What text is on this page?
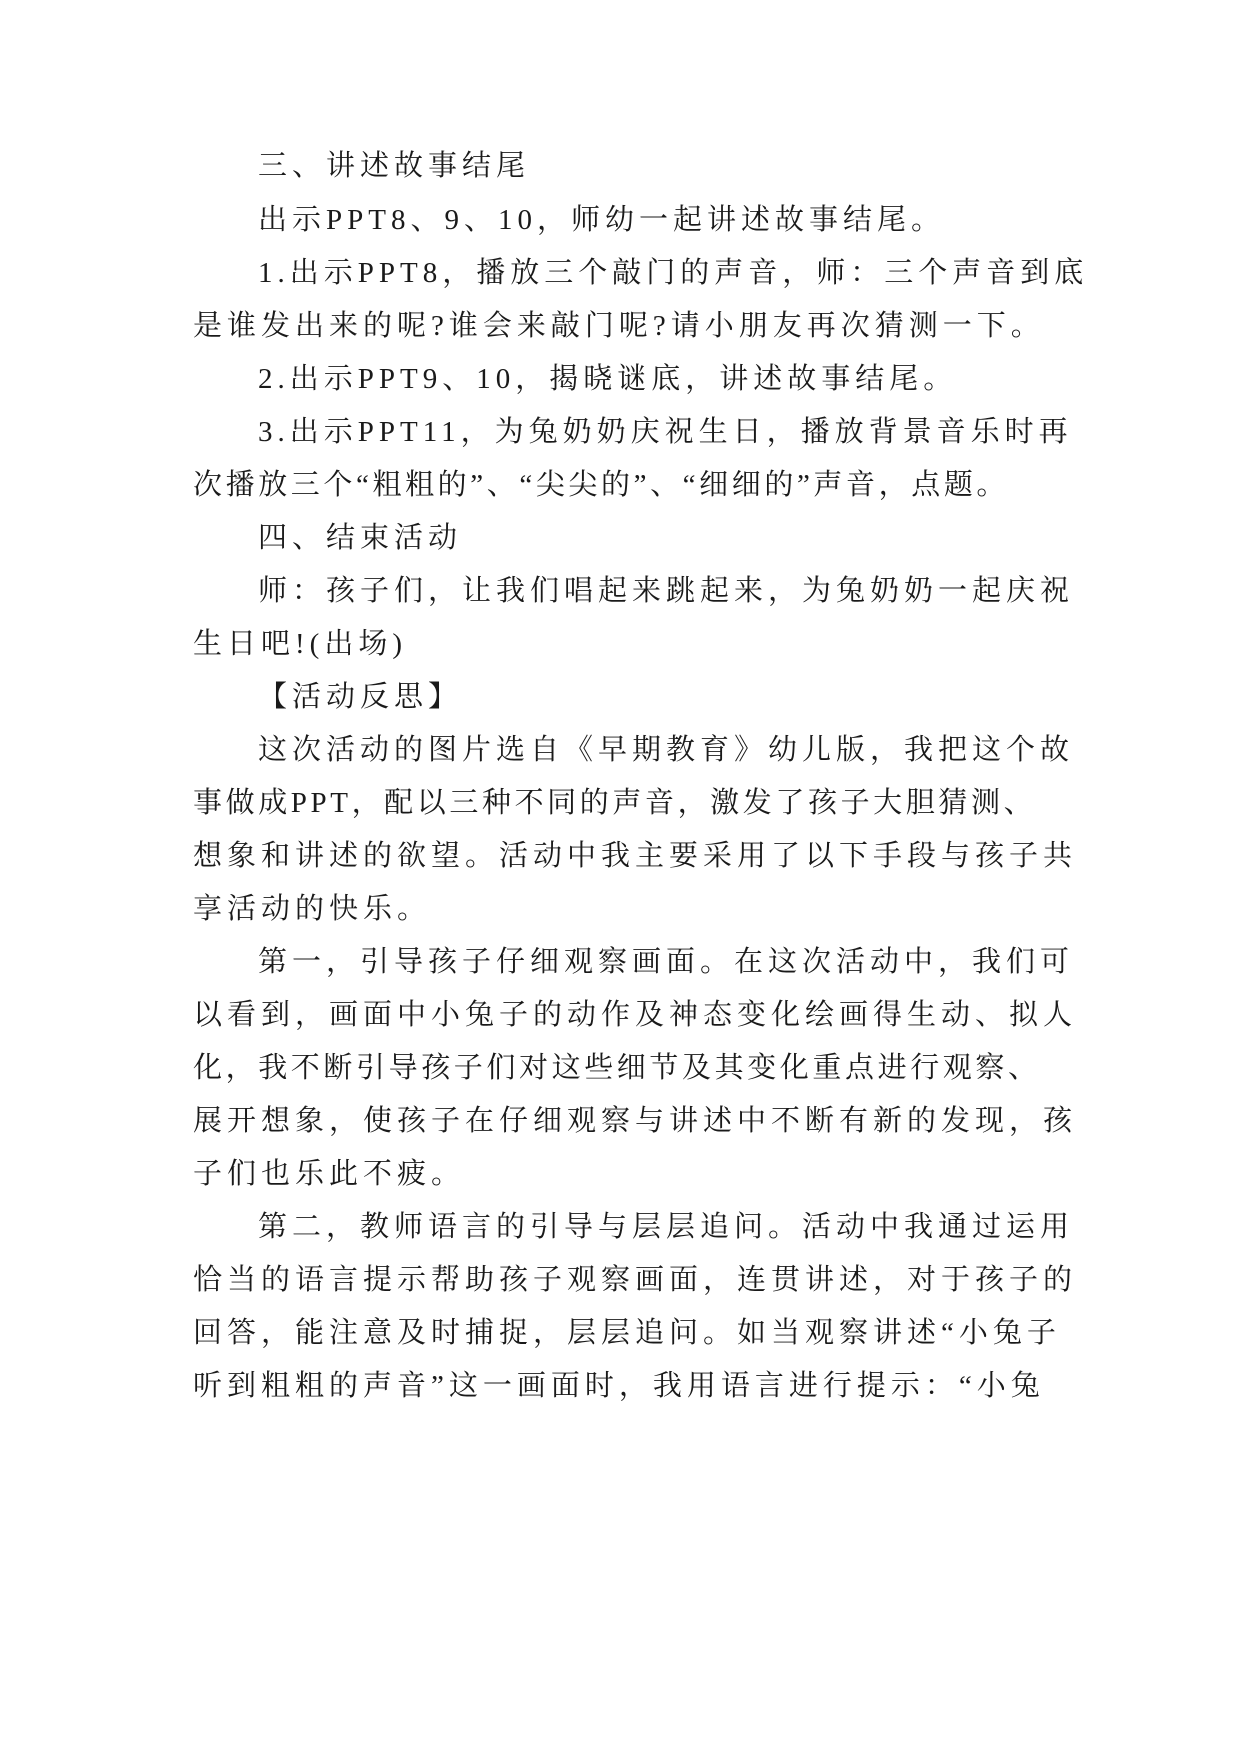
三、讲述故事结尾
出示PPT8、9、10，师幼一起讲述故事结尾。
1.出示PPT8，播放三个敲门的声音，师：三个声音到底
是谁发出来的呢?谁会来敲门呢?请小朋友再次猜测一下。
2.出示PPT9、10，揭晓谜底，讲述故事结尾。
3.出示PPT11，为兔奶奶庆祝生日，播放背景音乐时再
次播放三个“粗粗的”、“尖尖的”、“细细的”声音，点题。
四、结束活动
师：孩子们，让我们唱起来跳起来，为兔奶奶一起庆祝
生日吧!(出场)
【活动反思】
这次活动的图片选自《早期教育》幼儿版，我把这个故
事做成PPT，配以三种不同的声音，激发了孩子大胆猜测、
想象和讲述的欲望。活动中我主要采用了以下手段与孩子共
享活动的快乐。
第一，引导孩子仔细观察画面。在这次活动中，我们可
以看到，画面中小兔子的动作及神态变化绘画得生动、拟人
化，我不断引导孩子们对这些细节及其变化重点进行观察、
展开想象，使孩子在仔细观察与讲述中不断有新的发现，孩
子们也乐此不疲。
第二，教师语言的引导与层层追问。活动中我通过运用
恰当的语言提示帮助孩子观察画面，连贯讲述，对于孩子的
回答，能注意及时捕捉，层层追问。如当观察讲述“小兔子
听到粗粗的声音”这一画面时，我用语言进行提示：“小兔
